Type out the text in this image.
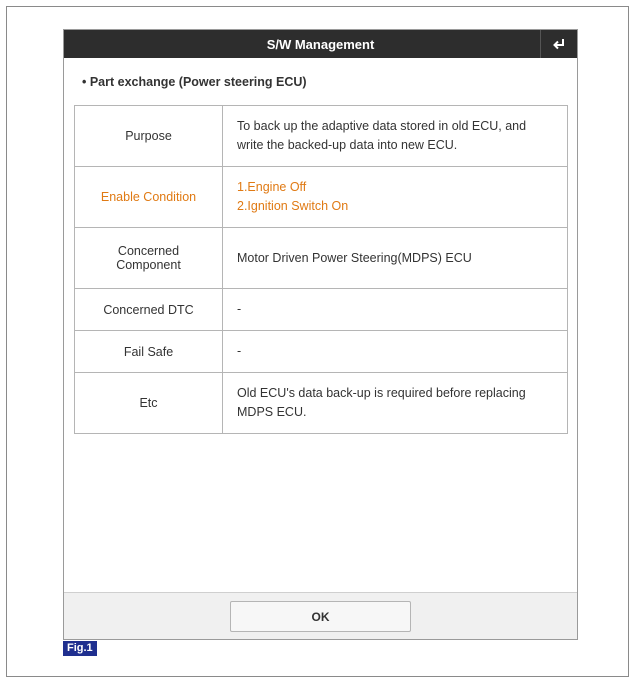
S/W Management
• Part exchange (Power steering ECU)
Purpose	To back up the adaptive data stored in old ECU, and
write the backed-up data into new ECU.

Enable Condition	1.Engine Off
2.Ignition Switch On

Concerned
Component	Motor Driven Power Steering(MDPS) ECU
Concerned DTC	-
Fail Safe	-
Etc	Old ECU's data back-up is required before replacing
MDPS ECU.
OK
Fig.1
